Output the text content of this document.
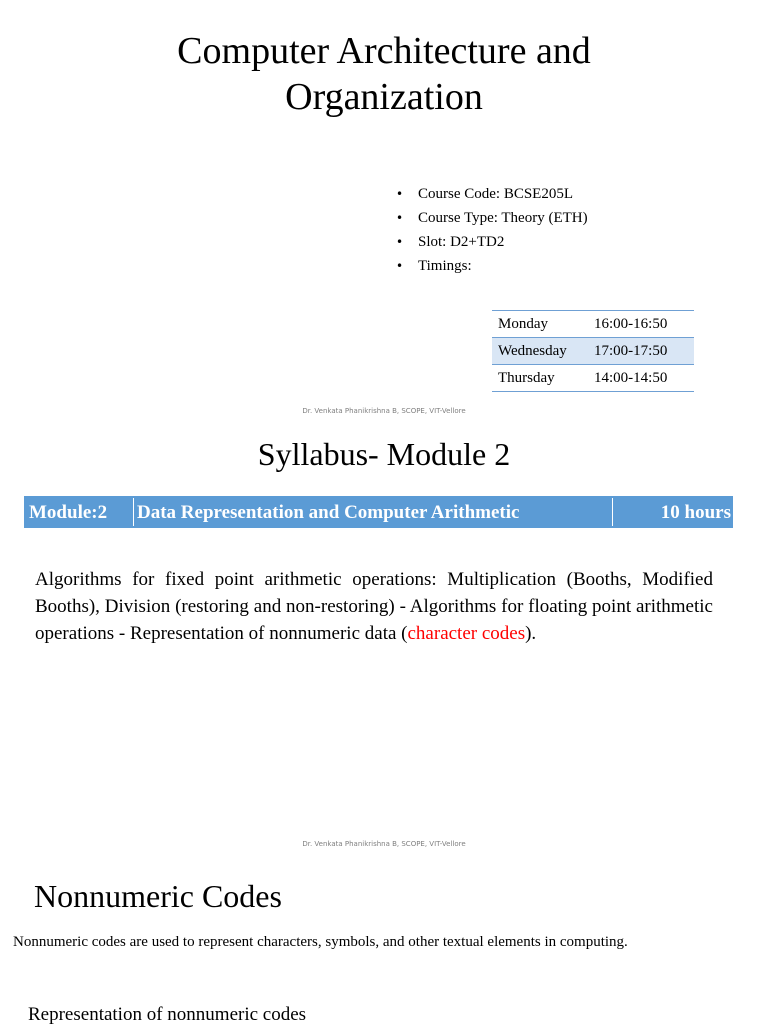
Computer Architecture and
Organization
• Course Code: BCSE205L
• Course Type: Theory (ETH)
• Slot: D2+TD2
• Timings:
Monday	16:00-16:50
Wednesday	17:00-17:50
Thursday	14:00-14:50
Dr. Venkata Phanikrishna B, SCOPE, VIT-Vellore
Syllabus- Module 2
Module:2 Data Representation and Computer Arithmetic	10 hours
Algorithms for fixed point arithmetic operations: Multiplication (Booths, Modified Booths), Division (restoring and non-restoring) - Algorithms for floating point arithmetic operations - Representation of nonnumeric data (character codes).
Dr. Venkata Phanikrishna B, SCOPE, VIT-Vellore
Nonnumeric Codes
Nonnumeric codes are used to represent characters, symbols, and other textual elements in computing.
Representation of nonnumeric codes
